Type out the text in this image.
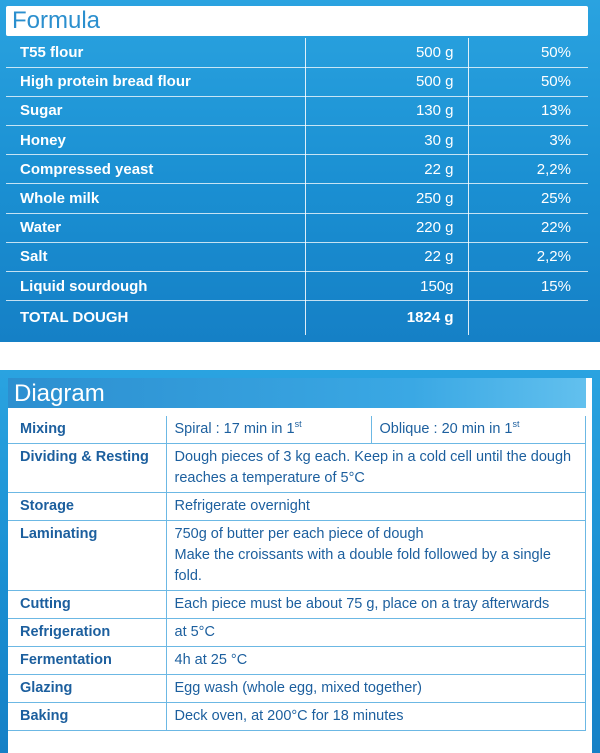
Formula
T55 flour	500 g	50%
High protein bread flour	500 g	50%
Sugar	130 g	13%
Honey	30 g	3%
Compressed yeast	22 g	2,2%
Whole milk	250 g	25%
Water	220 g	22%
Salt	22 g	2,2%
Liquid sourdough	150g	15%
TOTAL DOUGH	1824 g	
Diagram
Mixing	Spiral : 17 min in 1st	Oblique : 20 min in 1st
Dividing & Resting	Dough pieces of 3 kg each. Keep in a cold cell until the dough reaches a temperature of 5°C	
Storage	Refrigerate overnight	
Laminating	750g of butter per each piece of dough
Make the croissants with a double fold followed by a single fold.	
Cutting	Each piece must be about 75 g, place on a tray afterwards	
Refrigeration	at 5°C	
Fermentation	4h at 25 °C	
Glazing	Egg wash (whole egg, mixed together)	
Baking	Deck oven, at 200°C for 18 minutes	
